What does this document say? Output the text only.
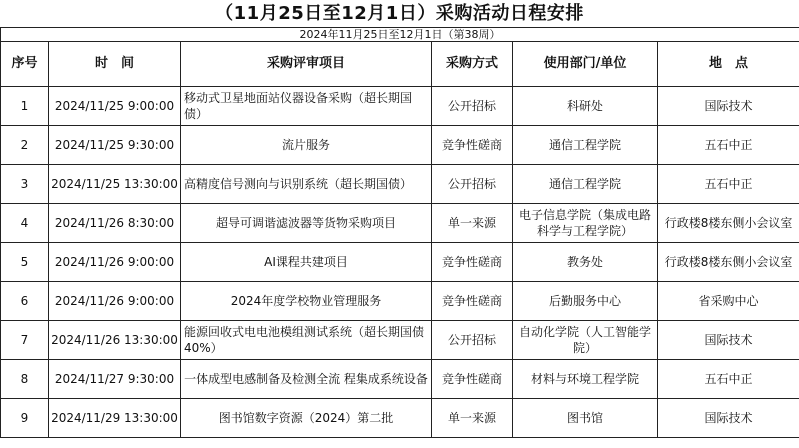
（11月25日至12月1日）采购活动日程安排
2024年11月25日至12月1日（第38周）					
序号	时　间	采购评审项目	采购方式	使用部门/单位	地　点
1	2024/11/25 9:00:00	移动式卫星地面站仪器设备采购（超长期国债）	公开招标	科研处	国际技术
2	2024/11/25 9:30:00	流片服务	竞争性磋商	通信工程学院	五石中正
3	2024/11/25 13:30:00	高精度信号测向与识别系统（超长期国债）	公开招标	通信工程学院	五石中正
4	2024/11/26 8:30:00	超导可调谐滤波器等货物采购项目	单一来源	电子信息学院（集成电路科学与工程学院）	行政楼8楼东侧小会议室
5	2024/11/26 9:00:00	AI课程共建项目	竞争性磋商	教务处	行政楼8楼东侧小会议室
6	2024/11/26 9:00:00	2024年度学校物业管理服务	竞争性磋商	后勤服务中心	省采购中心
7	2024/11/26 13:30:00	能源回收式电电池模组测试系统（超长期国债40%）	公开招标	自动化学院（人工智能学院）	国际技术
8	2024/11/27 9:30:00	一体成型电感制备及检测全流 程集成系统设备	竞争性磋商	材料与环境工程学院	五石中正
9	2024/11/29 13:30:00	图书馆数字资源（2024）第二批	单一来源	图书馆	国际技术
